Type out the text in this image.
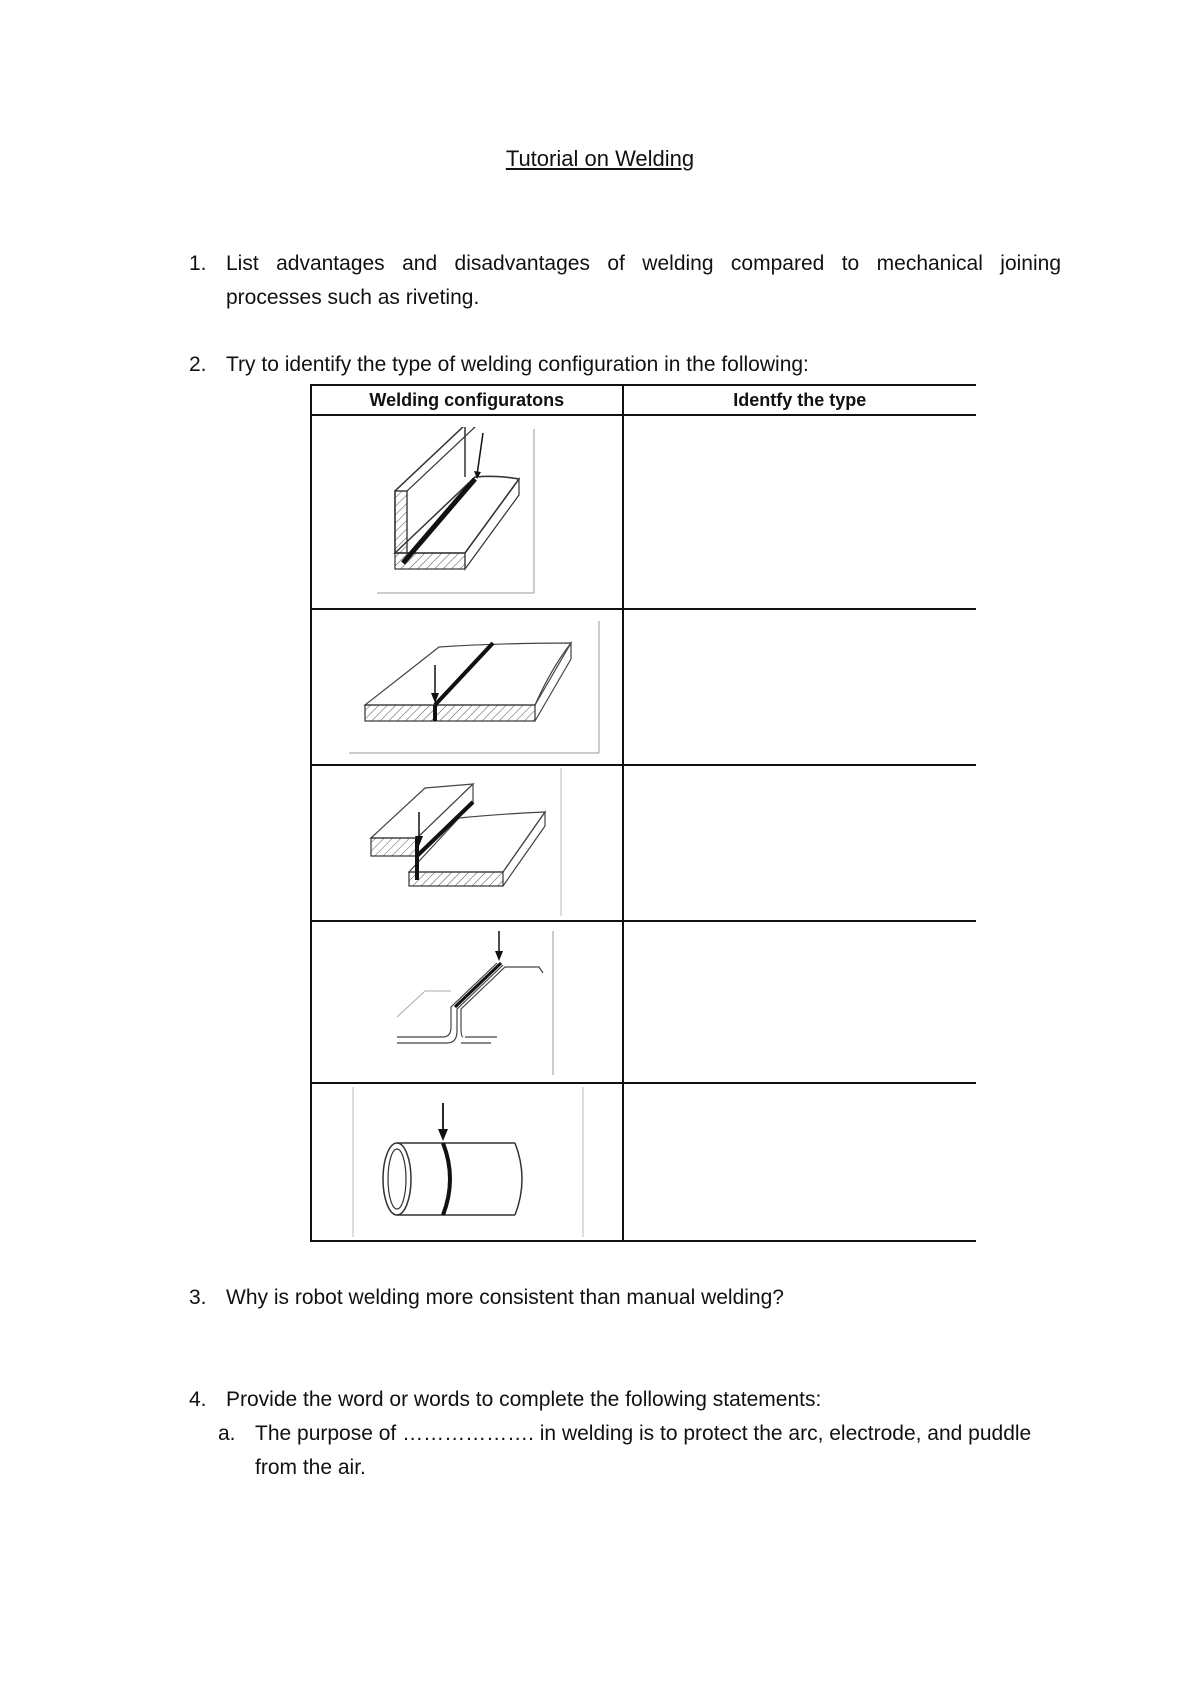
Tutorial on Welding
1. List advantages and disadvantages of welding compared to mechanical joining
processes such as riveting.
2. Try to identify the type of welding configuration in the following:
Welding configuratons	Identfy the type

3. Why is robot welding more consistent than manual welding?
4. Provide the word or words to complete the following statements:
a. The purpose of ………………. in welding is to protect the arc, electrode, and puddle
from the air.
